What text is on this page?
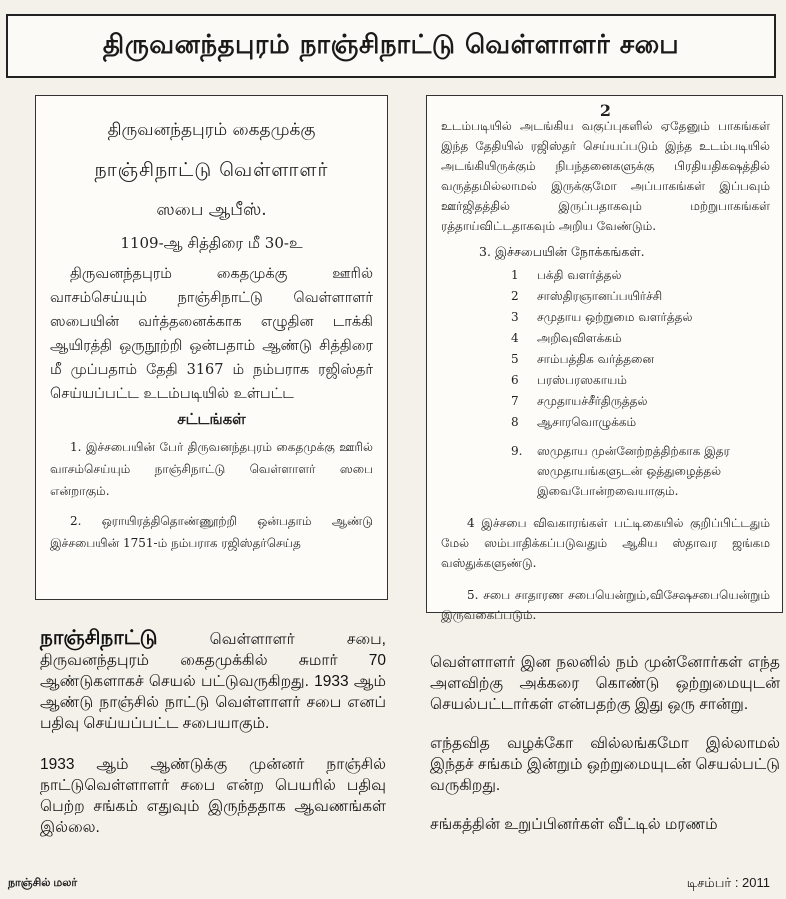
திருவனந்தபுரம் நாஞ்சிநாட்டு வெள்ளாளர் சபை
திருவனந்தபுரம் கைதமுக்கு
நாஞ்சிநாட்டு வெள்ளாளர்
ஸபை ஆபீஸ்.
1109-ஆ சித்திரை மீ 30-உ
திருவனந்தபுரம் கைதமுக்கு ஊரில் வாசம்செய்யும் நாஞ்சிநாட்டு வெள்ளாளர் ஸபையின் வர்த்தனைக்காக எழுதின டாக்கி ஆயிரத்தி ஒருநூற்றி ஒன்பதாம் ஆண்டு சித்திரை மீ முப்பதாம் தேதி 3167 ம் நம்பராக ரஜிஸ்தர் செய்யப்பட்ட உடம்படியில் உள்பட்ட
சட்டங்கள்
1. இச்சபையின் பேர் திருவனந்தபுரம் கைதமுக்கு ஊரில் வாசம்செய்யும் நாஞ்சிநாட்டு வெள்ளாளர் ஸபை என்றாகும்.
2. ஒராயிரத்திதொண்ணூற்றி ஒன்பதாம் ஆண்டு இச்சபையின் 1751-ம் நம்பராக ரஜிஸ்தர்செய்த
2
உடம்படியில் அடங்கிய வகுப்புகளில் ஏதேனும் பாகங்கள் இந்த தேதியில் ரஜிஸ்தர் செய்யப்படும் இந்த உடம்படியில் அடங்கியிருக்கும் நிபந்தனைகளுக்கு பிரதியதிகஷத்தில் வருத்தமில்லாமல் இருக்குமோ அப்பாகங்கள் இப்பவும் ஊர்ஜிதத்தில் இருப்பதாகவும் மற்றுபாகங்கள் ரத்தாய்விட்டதாகவும் அறிய வேண்டும்.
3. இச்சபையின் நோக்கங்கள்.
1	பக்தி வளர்த்தல்
2	சாஸ்திரஞானப்பயிர்ச்சி
3	சமுதாய ஒற்றுமை வளர்த்தல்
4	அறிவுவிளக்கம்
5	சாம்பத்திக வர்த்தனை
6	பரஸ்பரஸகாயம்
7	சமுதாயச்சீர்திருத்தல்
8	ஆசாரவொழுக்கம்
9.	ஸமுதாய முன்னேற்றத்திற்காக இதர ஸமுதாயங்களுடன் ஒத்துழைத்தல் இவைபோன்றவையாகும்.
4 இச்சபை விவகாரங்கள் பட்டிகையில் குறிப்பிட்டதும் மேல் ஸம்பாதிக்கப்படுவதும் ஆகிய ஸ்தாவர ஜங்கம வஸ்துக்களுண்டு.
5. சபை சாதாரண சபையென்றும்,விசேஷசபையென்றும் இருவகைப்படும்.

நாஞ்சிநாட்டு வெள்ளாளர் சபை, திருவனந்தபுரம் கைதமுக்கில் சுமார் 70 ஆண்டுகளாகச் செயல் பட்டுவருகிறது. 1933 ஆம் ஆண்டு நாஞ்சில் நாட்டு வெள்ளாளர் சபை எனப் பதிவு செய்யப்பட்ட சபையாகும்.

1933 ஆம் ஆண்டுக்கு முன்னர் நாஞ்சில் நாட்டுவெள்ளாளர் சபை என்ற பெயரில் பதிவு பெற்ற சங்கம் எதுவும் இருந்ததாக ஆவணங்கள் இல்லை.

வெள்ளாளர் இன நலனில் நம் முன்னோர்கள் எந்த அளவிற்கு அக்கரை கொண்டு ஒற்றுமையுடன் செயல்பட்டார்கள் என்பதற்கு இது ஒரு சான்று.

எந்தவித வழக்கோ வில்லங்கமோ இல்லாமல் இந்தச் சங்கம் இன்றும் ஒற்றுமையுடன் செயல்பட்டு வருகிறது.

சங்கத்தின் உறுப்பினர்கள் வீட்டில் மரணம்

நாஞ்சில் மலர்	டிசம்பர் : 2011
